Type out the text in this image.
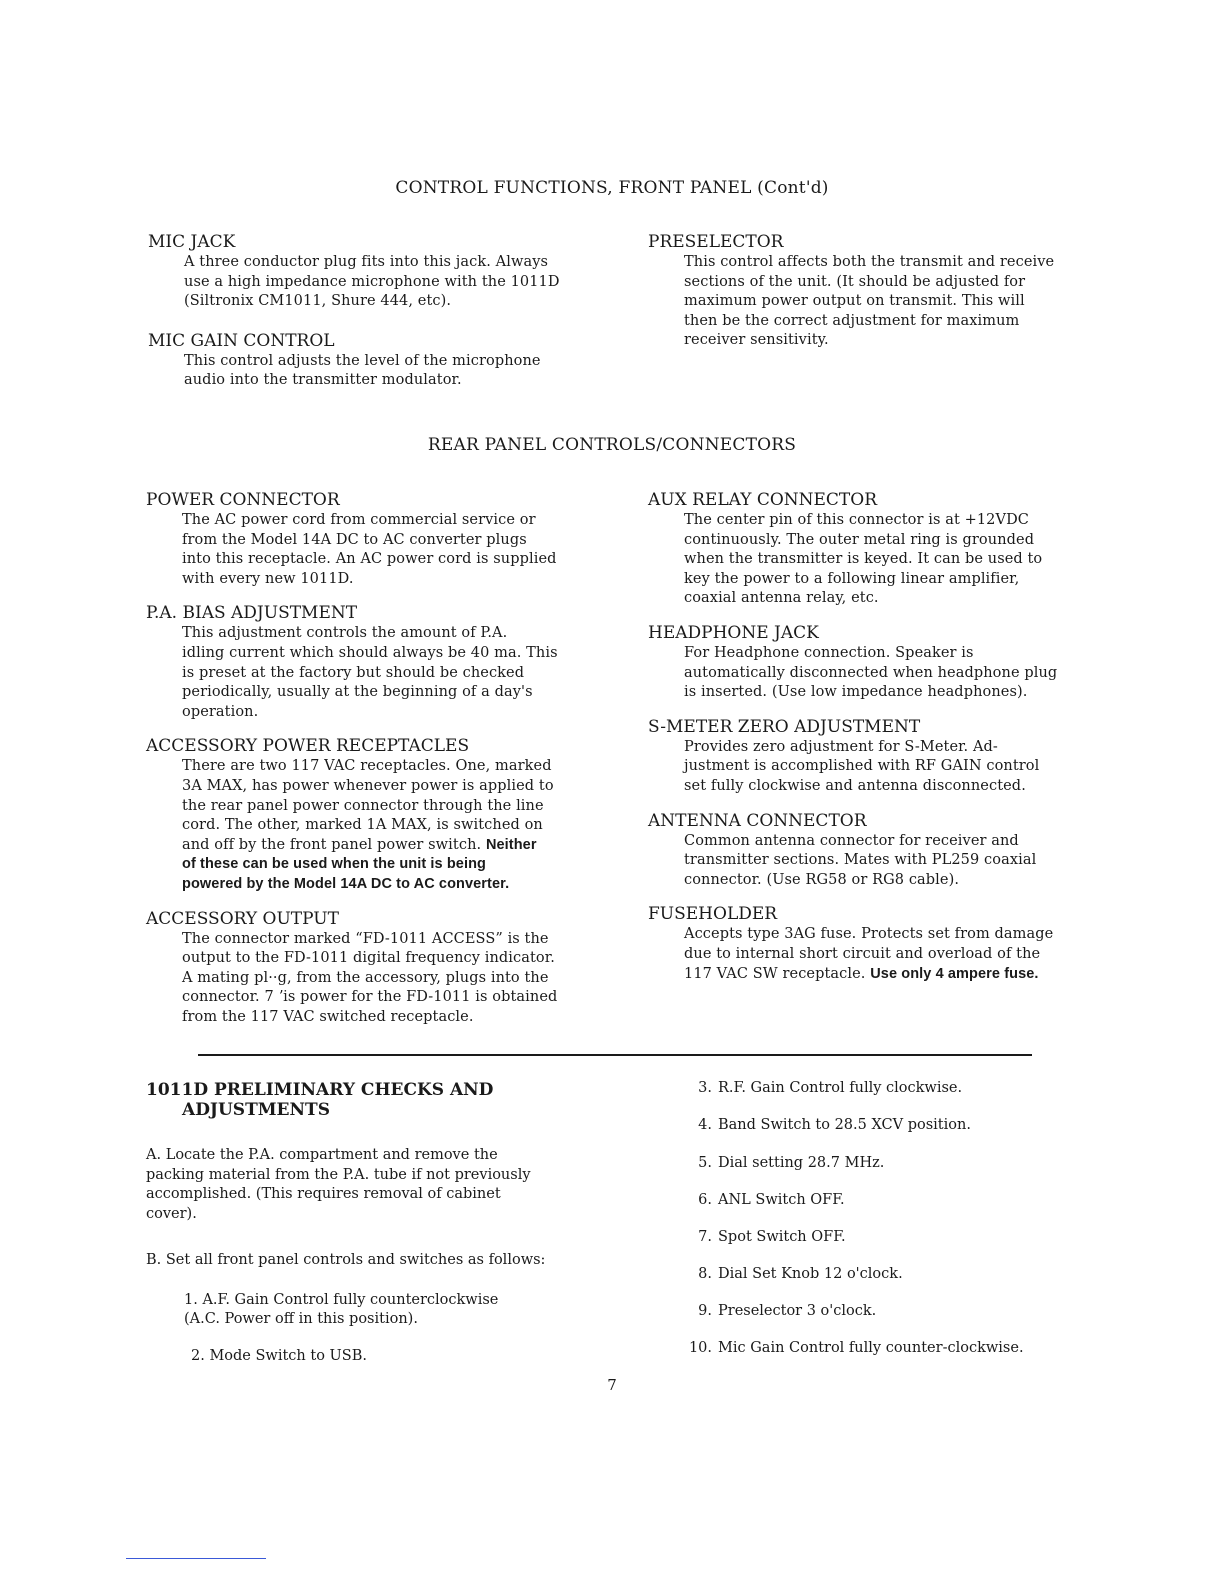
CONTROL FUNCTIONS, FRONT PANEL (Cont'd)
MIC JACK
A three conductor plug fits into this jack. Always
use a high impedance microphone with the 1011D
(Siltronix CM1011, Shure 444, etc).
MIC GAIN CONTROL
This control adjusts the level of the microphone
audio into the transmitter modulator.
PRESELECTOR
This control affects both the transmit and receive
sections of the unit. (It should be adjusted for
maximum power output on transmit. This will
then be the correct adjustment for maximum
receiver sensitivity.
REAR PANEL CONTROLS/CONNECTORS
POWER CONNECTOR
The AC power cord from commercial service or
from the Model 14A DC to AC converter plugs
into this receptacle. An AC power cord is supplied
with every new 1011D.
P.A. BIAS ADJUSTMENT
This adjustment controls the amount of P.A.
idling current which should always be 40 ma. This
is preset at the factory but should be checked
periodically, usually at the beginning of a day's
operation.
ACCESSORY POWER RECEPTACLES
There are two 117 VAC receptacles. One, marked
3A MAX, has power whenever power is applied to
the rear panel power connector through the line
cord. The other, marked 1A MAX, is switched on
and off by the front panel power switch. Neither
of these can be used when the unit is being
powered by the Model 14A DC to AC converter.
ACCESSORY OUTPUT
The connector marked “FD-1011 ACCESS” is the
output to the FD-1011 digital frequency indicator.
A mating pl··g, from the accessory, plugs into the
connector. 7 ʼis power for the FD-1011 is obtained
from the 117 VAC switched receptacle.
AUX RELAY CONNECTOR
The center pin of this connector is at +12VDC
continuously. The outer metal ring is grounded
when the transmitter is keyed. It can be used to
key the power to a following linear amplifier,
coaxial antenna relay, etc.
HEADPHONE JACK
For Headphone connection. Speaker is
automatically disconnected when headphone plug
is inserted. (Use low impedance headphones).
S-METER ZERO ADJUSTMENT
Provides zero adjustment for S-Meter. Ad-
justment is accomplished with RF GAIN control
set fully clockwise and antenna disconnected.
ANTENNA CONNECTOR
Common antenna connector for receiver and
transmitter sections. Mates with PL259 coaxial
connector. (Use RG58 or RG8 cable).
FUSEHOLDER
Accepts type 3AG fuse. Protects set from damage
due to internal short circuit and overload of the
117 VAC SW receptacle. Use only 4 ampere fuse.
1011D PRELIMINARY CHECKS AND
ADJUSTMENTS
A. Locate the P.A. compartment and remove the
packing material from the P.A. tube if not previously
accomplished. (This requires removal of cabinet
cover).
B. Set all front panel controls and switches as follows:
1. A.F. Gain Control fully counterclockwise
(A.C. Power off in this position).
2. Mode Switch to USB.
3. R.F. Gain Control fully clockwise.
4. Band Switch to 28.5 XCV position.
5. Dial setting 28.7 MHz.
6. ANL Switch OFF.
7. Spot Switch OFF.
8. Dial Set Knob 12 o'clock.
9. Preselector 3 o'clock.
10. Mic Gain Control fully counter-clockwise.
7
